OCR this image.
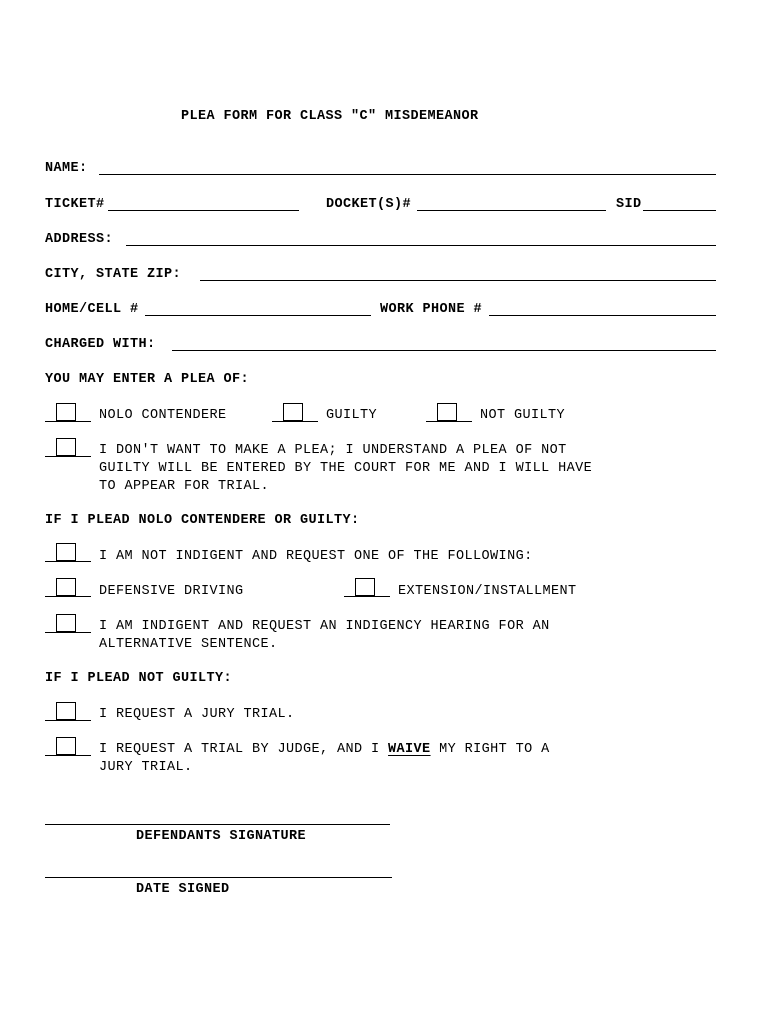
PLEA FORM FOR CLASS "C" MISDEMEANOR
NAME:
TICKET#	DOCKET(S)#	SID
ADDRESS:
CITY, STATE ZIP:
HOME/CELL #	WORK PHONE #
CHARGED WITH:
YOU MAY ENTER A PLEA OF:
NOLO CONTENDERE	GUILTY	NOT GUILTY
I DON'T WANT TO MAKE A PLEA; I UNDERSTAND A PLEA OF NOT
GUILTY WILL BE ENTERED BY THE COURT FOR ME AND I WILL HAVE
TO APPEAR FOR TRIAL.
IF I PLEAD NOLO CONTENDERE OR GUILTY:
I AM NOT INDIGENT AND REQUEST ONE OF THE FOLLOWING:
DEFENSIVE DRIVING	EXTENSION/INSTALLMENT
I AM INDIGENT AND REQUEST AN INDIGENCY HEARING FOR AN
ALTERNATIVE SENTENCE.
IF I PLEAD NOT GUILTY:
I REQUEST A JURY TRIAL.
I REQUEST A TRIAL BY JUDGE, AND I WAIVE MY RIGHT TO A
JURY TRIAL.
DEFENDANTS SIGNATURE
DATE SIGNED
